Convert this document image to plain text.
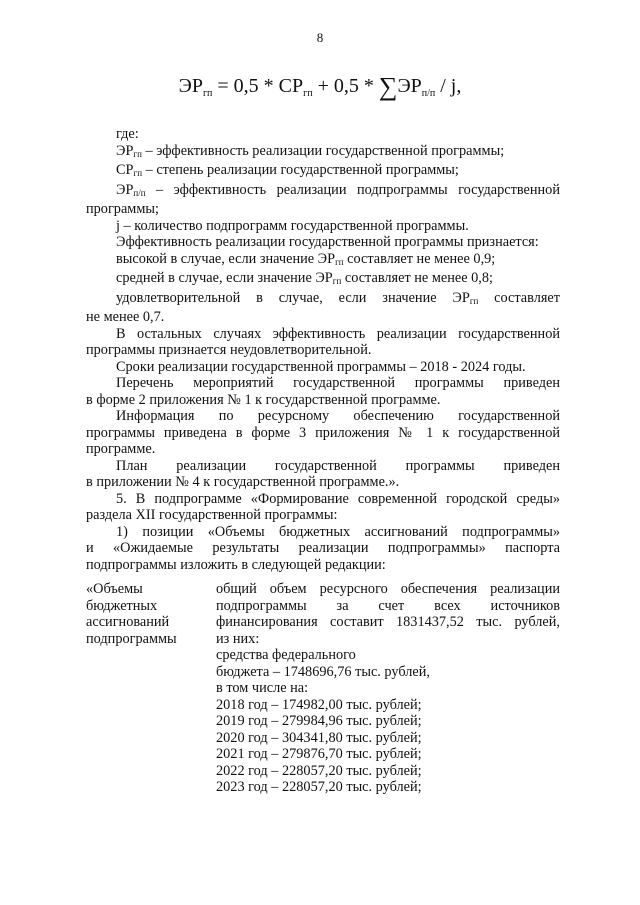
8
$ЭР_{гп} = 0,5 * СР_{гп} + 0,5 * \sum ЭР_{п/п} / j$,

где:

ЭРгп – эффективность реализации государственной программы;

СРгп – степень реализации государственной программы;

ЭРп/п – эффективность реализации подпрограммы государственной

программы;

j – количество подпрограмм государственной программы.

Эффективность реализации государственной программы признается:

высокой в случае, если значение ЭРгп составляет не менее 0,9;

средней в случае, если значение ЭРгп составляет не менее 0,8;

удовлетворительной в случае, если значение ЭРгп составляет

не менее 0,7.

В остальных случаях эффективность реализации государственной

программы признается неудовлетворительной.

Сроки реализации государственной программы – 2018 - 2024 годы.

Перечень мероприятий государственной программы приведен

в форме 2 приложения № 1 к государственной программе.

Информация по ресурсному обеспечению государственной

программы приведена в форме 3 приложения № 1 к государственной

программе.

План реализации государственной программы приведен

в приложении № 4 к государственной программе.».

5. В подпрограмме «Формирование современной городской среды»

раздела XII государственной программы:

1) позиции «Объемы бюджетных ассигнований подпрограммы»

и «Ожидаемые результаты реализации подпрограммы» паспорта

подпрограммы изложить в следующей редакции:

«Объемы
бюджетных
ассигнований
подпрограммы
общий объем ресурсного обеспечения реализации
подпрограммы за счет всех источников
финансирования составит 1831437,52 тыс. рублей,
из них:
средства федерального
бюджета – 1748696,76 тыс. рублей,
в том числе на:
2018 год – 174982,00 тыс. рублей;
2019 год – 279984,96 тыс. рублей;
2020 год – 304341,80 тыс. рублей;
2021 год – 279876,70 тыс. рублей;
2022 год – 228057,20 тыс. рублей;
2023 год – 228057,20 тыс. рублей;
